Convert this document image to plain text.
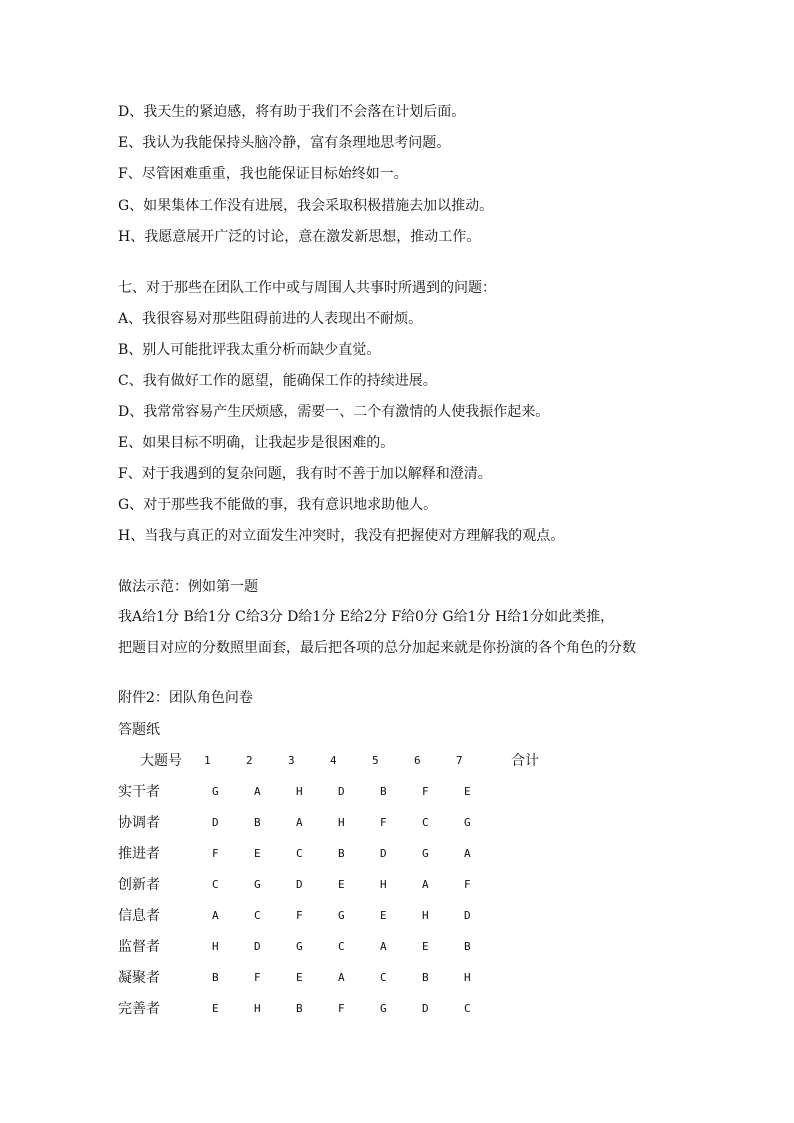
D、我天生的紧迫感，将有助于我们不会落在计划后面。
E、我认为我能保持头脑冷静，富有条理地思考问题。
F、尽管困难重重，我也能保证目标始终如一。
G、如果集体工作没有进展，我会采取积极措施去加以推动。
H、我愿意展开广泛的讨论，意在激发新思想，推动工作。
七、对于那些在团队工作中或与周围人共事时所遇到的问题：
A、我很容易对那些阻碍前进的人表现出不耐烦。
B、别人可能批评我太重分析而缺少直觉。
C、我有做好工作的愿望，能确保工作的持续进展。
D、我常常容易产生厌烦感，需要一、二个有激情的人使我振作起来。
E、如果目标不明确，让我起步是很困难的。
F、对于我遇到的复杂问题，我有时不善于加以解释和澄清。
G、对于那些我不能做的事，我有意识地求助他人。
H、当我与真正的对立面发生冲突时，我没有把握使对方理解我的观点。
做法示范：例如第一题
我A给1分 B给1分 C给3分 D给1分 E给2分 F给0分 G给1分 H给1分如此类推，
把题目对应的分数照里面套，最后把各项的总分加起来就是你扮演的各个角色的分数
附件2：团队角色问卷
答题纸
大题号 1	2	3	4	5	6	7	合计
实干者	G	A	H	D	B	F	E
协调者	D	B	A	H	F	C	G
推进者	F	E	C	B	D	G	A
创新者	C	G	D	E	H	A	F
信息者	A	C	F	G	E	H	D
监督者	H	D	G	C	A	E	B
凝聚者	B	F	E	A	C	B	H
完善者	E	H	B	F	G	D	C
